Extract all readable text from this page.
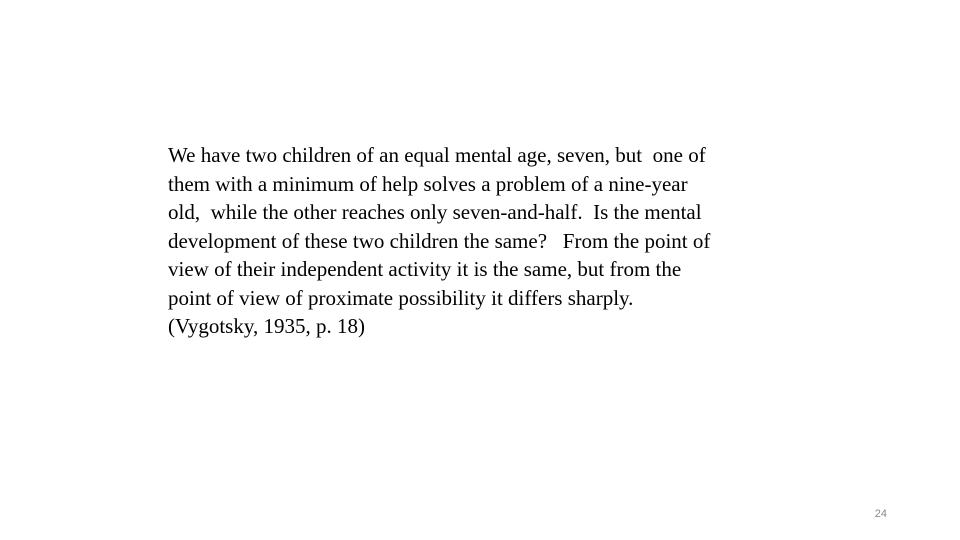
We have two children of an equal mental age, seven, but  one of

them with a minimum of help solves a problem of a nine-year

old,  while the other reaches only seven-and-half.  Is the mental

development of these two children the same?   From the point of

view of their independent activity it is the same, but from the

point of view of proximate possibility it differs sharply.

(Vygotsky, 1935, p. 18)

24
